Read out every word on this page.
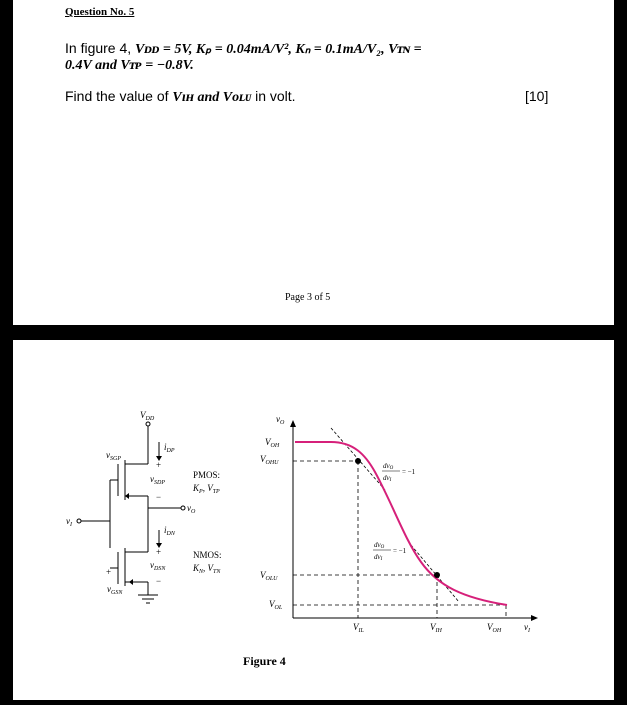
Question No. 5
In figure 4, Vᴅᴅ = 5V, Kₚ = 0.04mA/V², Kₙ = 0.1mA/V₂, Vᴛɴ =
0.4V and Vᴛᴘ = −0.8V.
Find the value of Vɪʜ and Vᴏʟᴜ in volt.	[10]
Page 3 of 5
$V_{DD}$
$i_{DP}$
$v_{SGP}$
+
$v_{SDP}$
−
$v_O$
$i_{DN}$
$v_I$
+
$v_{DSN}$
−
+
$v_{GSN}$
PMOS:
$K_P$, $V_{TP}$
NMOS:
$K_N$, $V_{TN}$
$v_O$
$V_{OH}$
$V_{OHU}$
$V_{OLU}$
$V_{OL}$
$V_{IL}$	$V_{IH}$	$V_{OH}$	$v_I$
dvO
dvI
= −1
dvO
dvI
= −1
Figure 4
